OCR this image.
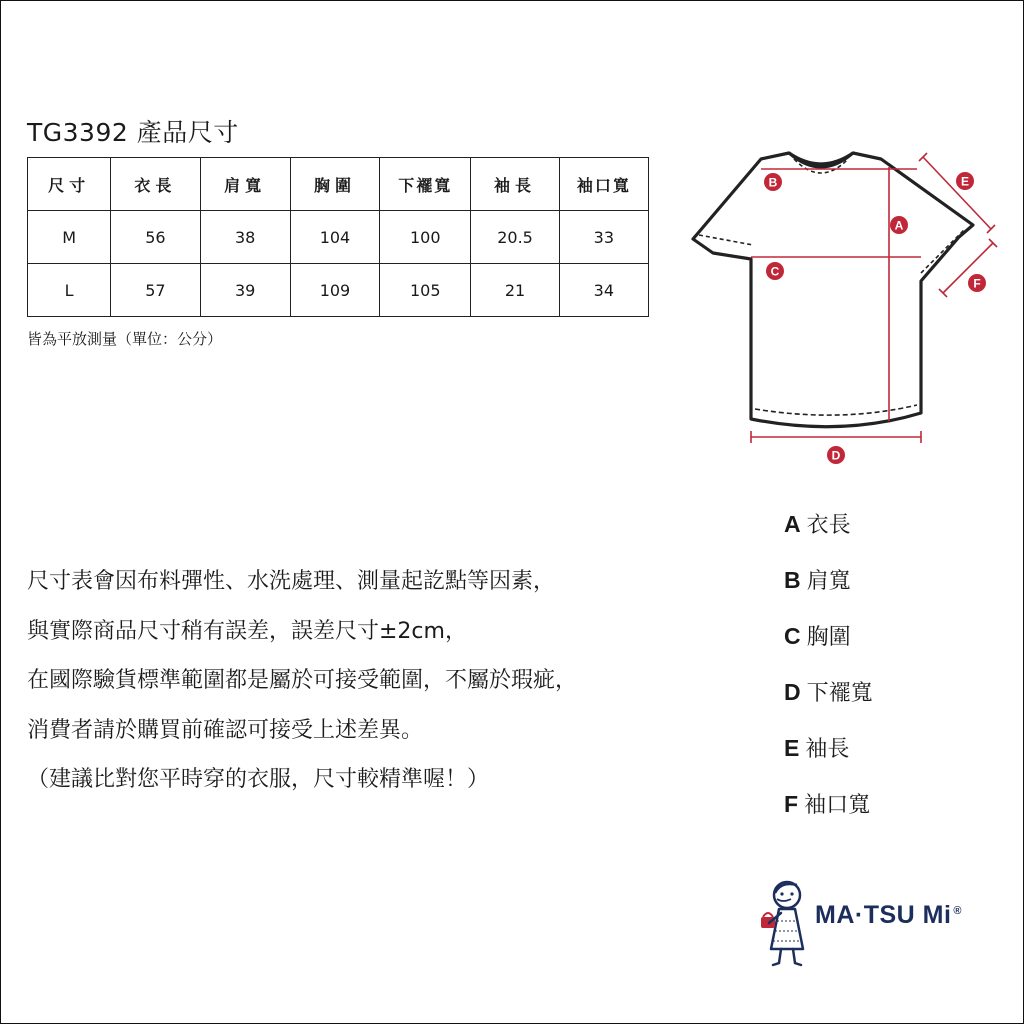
TG3392 產品尺寸
尺寸	衣長	肩寬	胸圍	下襬寬	袖長	袖口寬
M	56	38	104	100	20.5	33
L	57	39	109	105	21	34
皆為平放測量（單位：公分）
尺寸表會因布料彈性、水洗處理、測量起訖點等因素，
與實際商品尺寸稍有誤差，誤差尺寸±2cm，
在國際驗貨標準範圍都是屬於可接受範圍，不屬於瑕疵，
消費者請於購買前確認可接受上述差異。
（建議比對您平時穿的衣服，尺寸較精準喔！）
A
B
C
D
E
F
A 衣長
B 肩寬
C 胸圍
D 下襬寬
E 袖長
F 袖口寬
MA·TSU Mi ®
